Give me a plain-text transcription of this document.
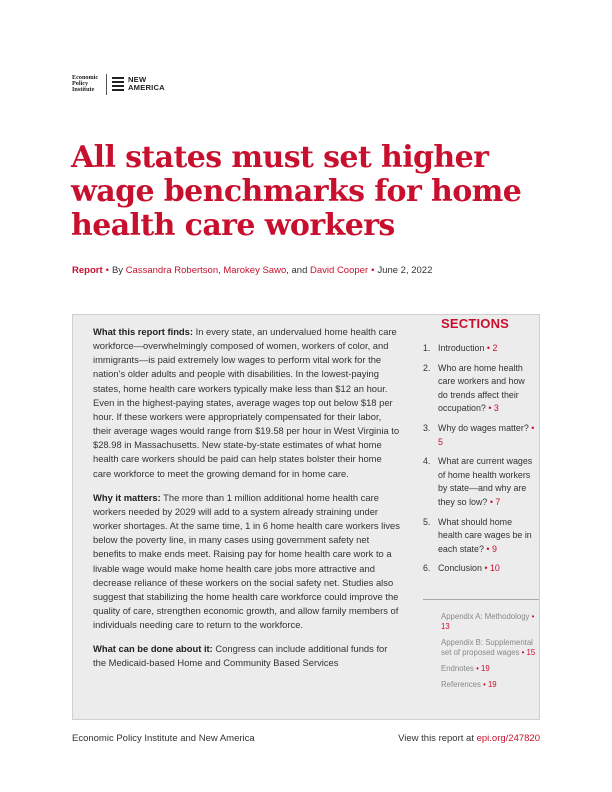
Economic
Policy
Institute
NEW
AMERICA
All states must set higher wage benchmarks for home health care workers
Report • By Cassandra Robertson, Marokey Sawo, and David Cooper • June 2, 2022

What this report finds: In every state, an undervalued home health care workforce—overwhelmingly composed of women, workers of color, and immigrants—is paid extremely low wages to perform vital work for the nation’s older adults and people with disabilities. In the lowest-paying states, home health care workers typically make less than $12 an hour. Even in the highest-paying states, average wages top out below $18 per hour. If these workers were appropriately compensated for their labor, their average wages would range from $19.58 per hour in West Virginia to $28.98 in Massachusetts. New state-by-state estimates of what home health care workers should be paid can help states bolster their home care workforce to meet the growing demand for in home care.

Why it matters: The more than 1 million additional home health care workers needed by 2029 will add to a system already straining under worker shortages. At the same time, 1 in 6 home health care workers lives below the poverty line, in many cases using government safety net benefits to make ends meet. Raising pay for home health care work to a livable wage would make home health care jobs more attractive and decrease reliance of these workers on the social safety net. Studies also suggest that stabilizing the home health care workforce could improve the quality of care, strengthen economic growth, and allow family members of individuals needing care to return to the workforce.

What can be done about it: Congress can include additional funds for the Medicaid-based Home and Community Based Services

SECTIONS
1. Introduction • 2
2. Who are home health care workers and how do trends affect their occupation? • 3
3. Why do wages matter? • 5
4. What are current wages of home health workers by state—and why are they so low? • 7
5. What should home health care wages be in each state? • 9
6. Conclusion • 10
Appendix A: Methodology • 13
Appendix B: Supplemental set of proposed wages • 15
Endnotes • 19
References • 19
Economic Policy Institute and New America	View this report at epi.org/247820
